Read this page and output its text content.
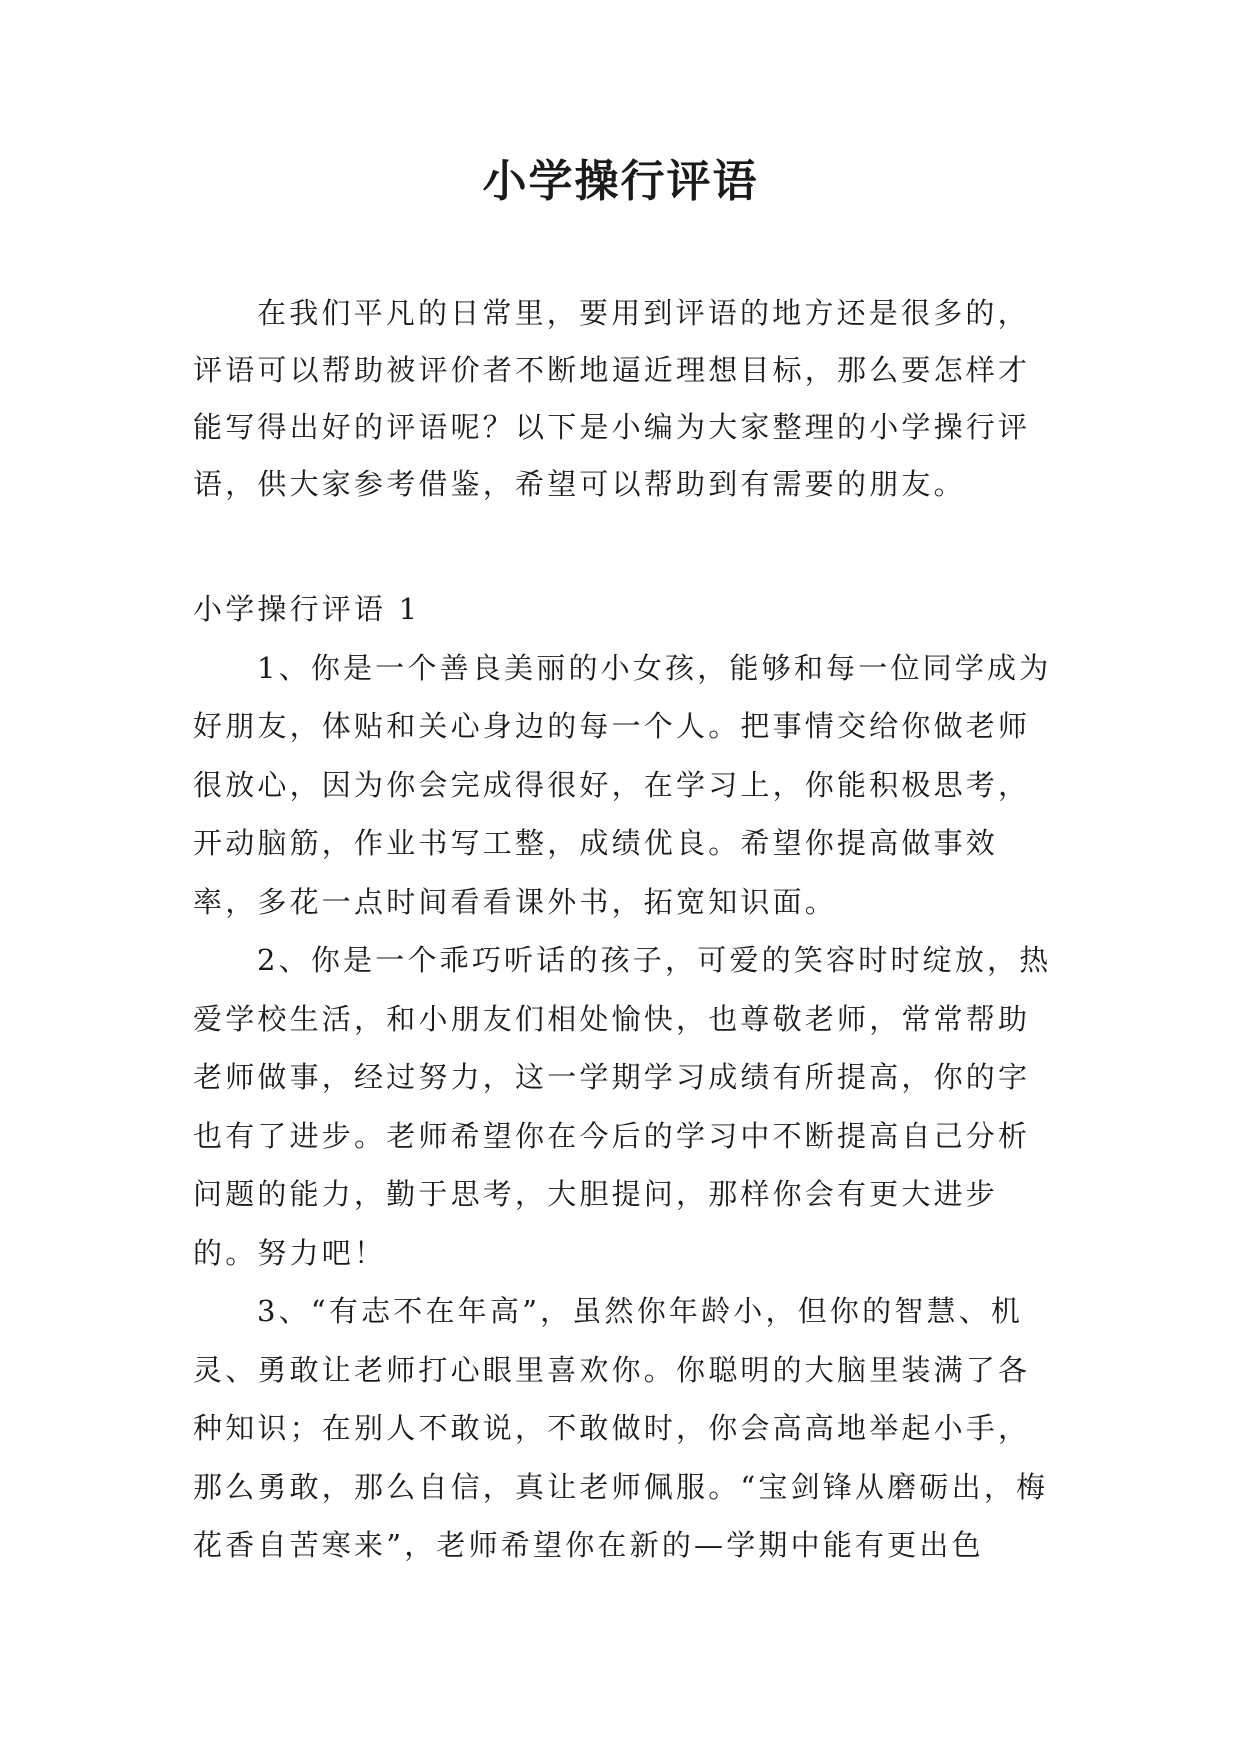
小学操行评语

在我们平凡的日常里，要用到评语的地方还是很多的，评语可以帮助被评价者不断地逼近理想目标，那么要怎样才能写得出好的评语呢？以下是小编为大家整理的小学操行评语，供大家参考借鉴，希望可以帮助到有需要的朋友。

小学操行评语 1

1、你是一个善良美丽的小女孩，能够和每一位同学成为好朋友，体贴和关心身边的每一个人。把事情交给你做老师很放心，因为你会完成得很好，在学习上，你能积极思考，开动脑筋，作业书写工整，成绩优良。希望你提高做事效率，多花一点时间看看课外书，拓宽知识面。

2、你是一个乖巧听话的孩子，可爱的笑容时时绽放，热爱学校生活，和小朋友们相处愉快，也尊敬老师，常常帮助老师做事，经过努力，这一学期学习成绩有所提高，你的字也有了进步。老师希望你在今后的学习中不断提高自己分析问题的能力，勤于思考，大胆提问，那样你会有更大进步的。努力吧！

3、“有志不在年高”，虽然你年龄小，但你的智慧、机灵、勇敢让老师打心眼里喜欢你。你聪明的大脑里装满了各种知识；在别人不敢说，不敢做时，你会高高地举起小手，那么勇敢，那么自信，真让老师佩服。“宝剑锋从磨砺出，梅花香自苦寒来”，老师希望你在新的—学期中能有更出色
